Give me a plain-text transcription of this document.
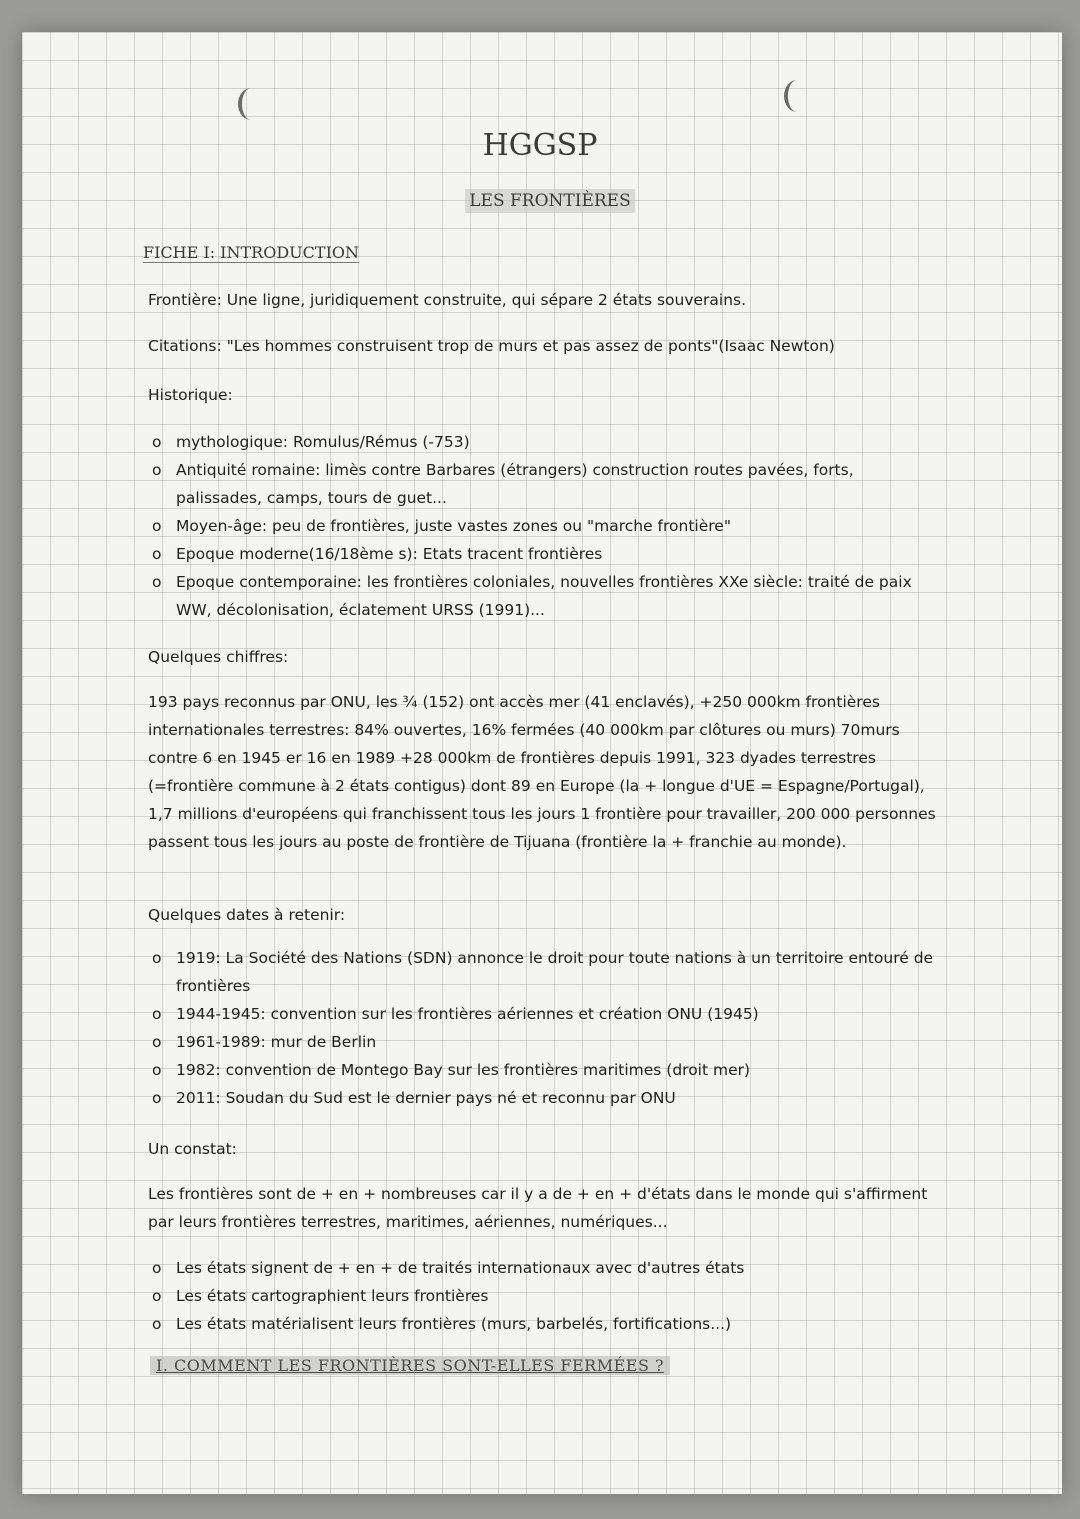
HGGSP
LES FRONTIÈRES
FICHE I: INTRODUCTION
Frontière: Une ligne, juridiquement construite, qui sépare 2 états souverains.
Citations: "Les hommes construisent trop de murs et pas assez de ponts"(Isaac Newton)
Historique:
o mythologique: Romulus/Rémus (-753)
o Antiquité romaine: limès contre Barbares (étrangers) construction routes pavées, forts, palissades, camps, tours de guet...
o Moyen-âge: peu de frontières, juste vastes zones ou "marche frontière"
o Epoque moderne(16/18ème s): Etats tracent frontières
o Epoque contemporaine: les frontières coloniales, nouvelles frontières XXe siècle: traité de paix WW, décolonisation, éclatement URSS (1991)...
Quelques chiffres:
193 pays reconnus par ONU, les ¾ (152) ont accès mer (41 enclavés), +250 000km frontières internationales terrestres: 84% ouvertes, 16% fermées (40 000km par clôtures ou murs) 70murs contre 6 en 1945 er 16 en 1989 +28 000km de frontières depuis 1991, 323 dyades terrestres (=frontière commune à 2 états contigus) dont 89 en Europe (la + longue d'UE = Espagne/Portugal), 1,7 millions d'européens qui franchissent tous les jours 1 frontière pour travailler, 200 000 personnes passent tous les jours au poste de frontière de Tijuana (frontière la + franchie au monde).
Quelques dates à retenir:
o 1919: La Société des Nations (SDN) annonce le droit pour toute nations à un territoire entouré de frontières
o 1944-1945: convention sur les frontières aériennes et création ONU (1945)
o 1961-1989: mur de Berlin
o 1982: convention de Montego Bay sur les frontières maritimes (droit mer)
o 2011: Soudan du Sud est le dernier pays né et reconnu par ONU
Un constat:
Les frontières sont de + en + nombreuses car il y a de + en + d'états dans le monde qui s'affirment par leurs frontières terrestres, maritimes, aériennes, numériques...
o Les états signent de + en + de traités internationaux avec d'autres états
o Les états cartographient leurs frontières
o Les états matérialisent leurs frontières (murs, barbelés, fortifications...)
I. COMMENT LES FRONTIÈRES SONT-ELLES FERMÉES ?
